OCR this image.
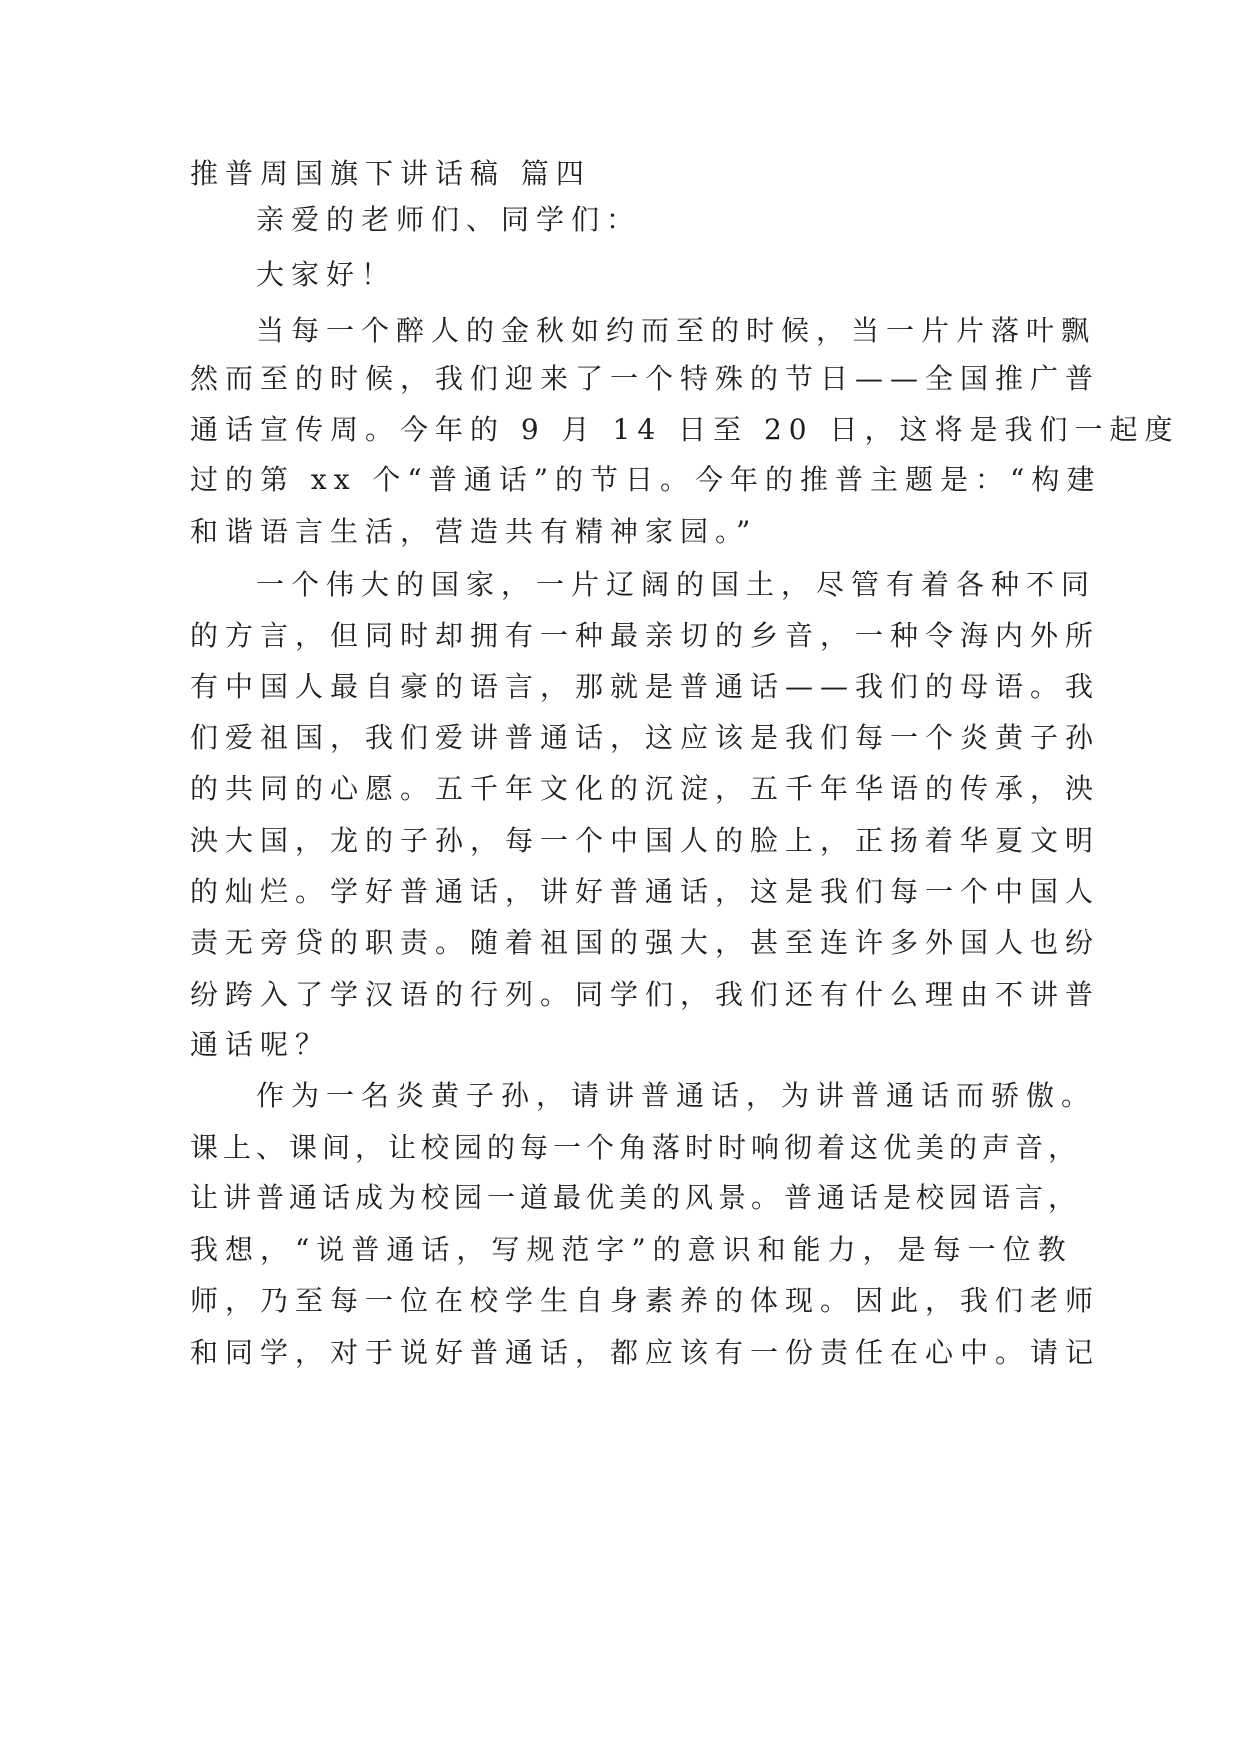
推普周国旗下讲话稿 篇四
亲爱的老师们、同学们：
大家好！
当每一个醉人的金秋如约而至的时候，当一片片落叶飘
然而至的时候，我们迎来了一个特殊的节日——全国推广普
通话宣传周。今年的 9 月 14 日至 20 日，这将是我们一起度
过的第 xx 个“普通话”的节日。今年的推普主题是：“构建
和谐语言生活，营造共有精神家园。”
一个伟大的国家，一片辽阔的国土，尽管有着各种不同
的方言，但同时却拥有一种最亲切的乡音，一种令海内外所
有中国人最自豪的语言，那就是普通话——我们的母语。我
们爱祖国，我们爱讲普通话，这应该是我们每一个炎黄子孙
的共同的心愿。五千年文化的沉淀，五千年华语的传承，泱
泱大国，龙的子孙，每一个中国人的脸上，正扬着华夏文明
的灿烂。学好普通话，讲好普通话，这是我们每一个中国人
责无旁贷的职责。随着祖国的强大，甚至连许多外国人也纷
纷跨入了学汉语的行列。同学们，我们还有什么理由不讲普
通话呢？
作为一名炎黄子孙，请讲普通话，为讲普通话而骄傲。
课上、课间，让校园的每一个角落时时响彻着这优美的声音，
让讲普通话成为校园一道最优美的风景。普通话是校园语言，
我想，“说普通话，写规范字”的意识和能力，是每一位教
师，乃至每一位在校学生自身素养的体现。因此，我们老师
和同学，对于说好普通话，都应该有一份责任在心中。请记
